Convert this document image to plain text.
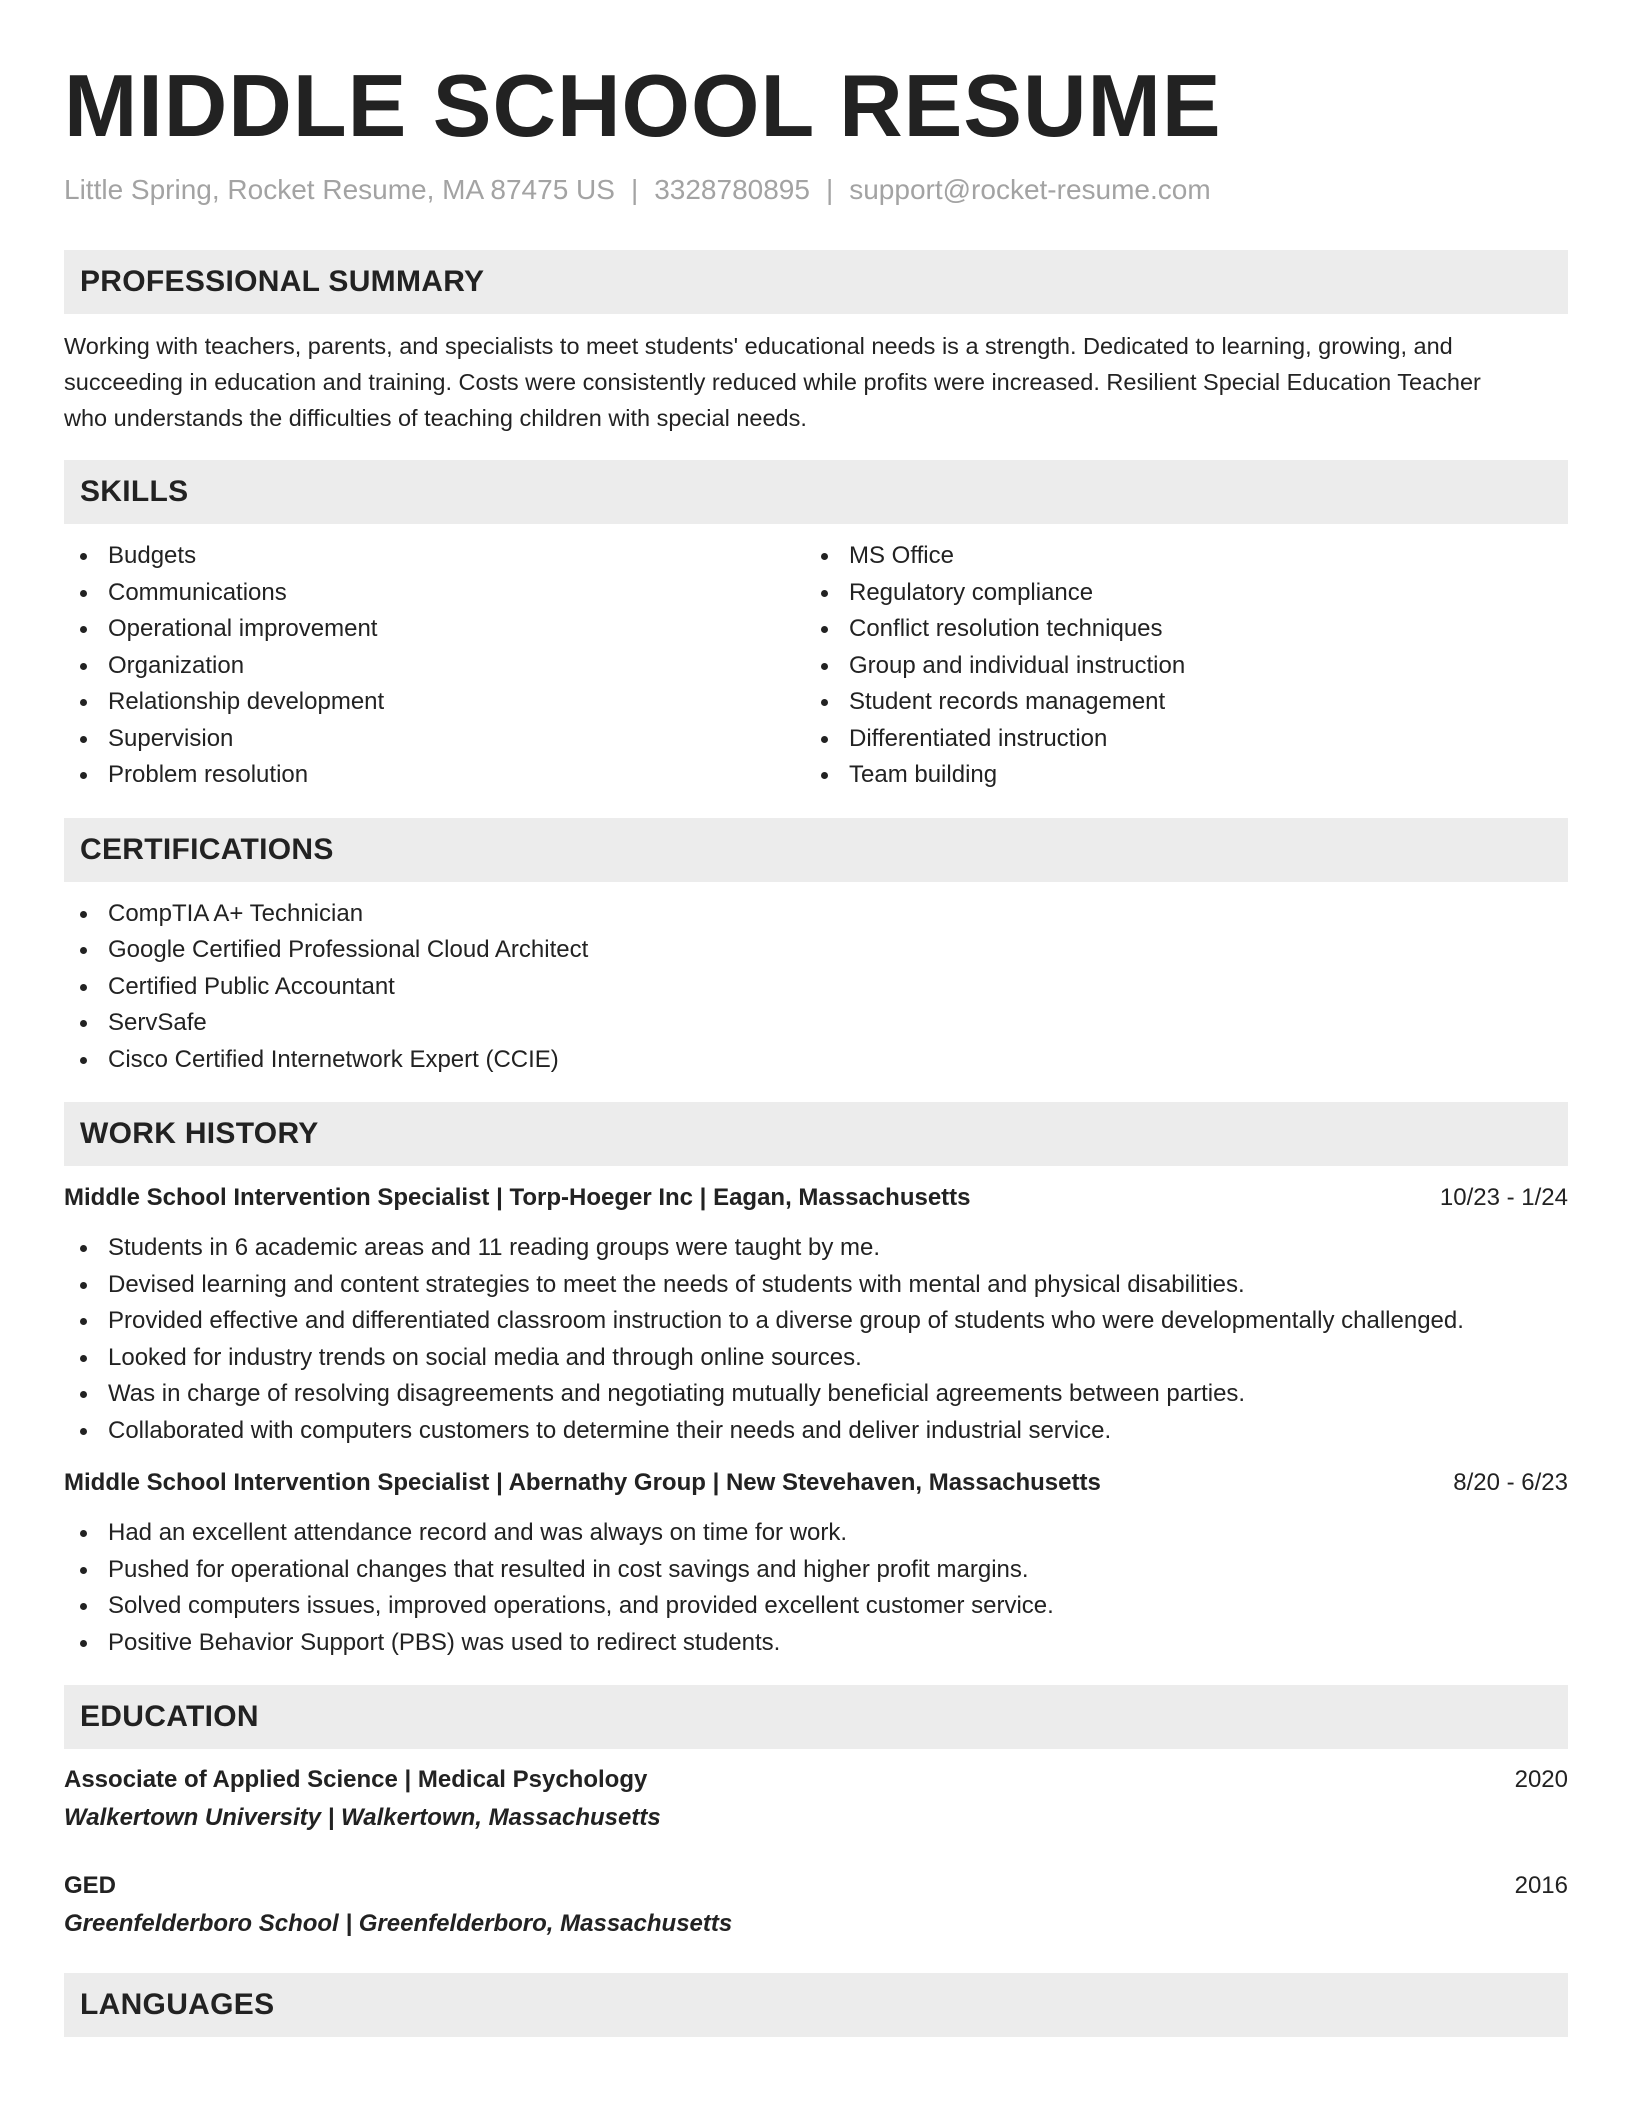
MIDDLE SCHOOL RESUME
Little Spring, Rocket Resume, MA 87475 US | 3328780895 | support@rocket-resume.com
PROFESSIONAL SUMMARY
Working with teachers, parents, and specialists to meet students' educational needs is a strength. Dedicated to learning, growing, and
succeeding in education and training. Costs were consistently reduced while profits were increased. Resilient Special Education Teacher
who understands the difficulties of teaching children with special needs.
SKILLS
Budgets
Communications
Operational improvement
Organization
Relationship development
Supervision
Problem resolution
MS Office
Regulatory compliance
Conflict resolution techniques
Group and individual instruction
Student records management
Differentiated instruction
Team building
CERTIFICATIONS
CompTIA A+ Technician
Google Certified Professional Cloud Architect
Certified Public Accountant
ServSafe
Cisco Certified Internetwork Expert (CCIE)
WORK HISTORY
Middle School Intervention Specialist | Torp-Hoeger Inc | Eagan, Massachusetts	10/23 - 1/24
Students in 6 academic areas and 11 reading groups were taught by me.
Devised learning and content strategies to meet the needs of students with mental and physical disabilities.
Provided effective and differentiated classroom instruction to a diverse group of students who were developmentally challenged.
Looked for industry trends on social media and through online sources.
Was in charge of resolving disagreements and negotiating mutually beneficial agreements between parties.
Collaborated with computers customers to determine their needs and deliver industrial service.
Middle School Intervention Specialist | Abernathy Group | New Stevehaven, Massachusetts	8/20 - 6/23
Had an excellent attendance record and was always on time for work.
Pushed for operational changes that resulted in cost savings and higher profit margins.
Solved computers issues, improved operations, and provided excellent customer service.
Positive Behavior Support (PBS) was used to redirect students.
EDUCATION
Associate of Applied Science | Medical Psychology	2020
Walkertown University | Walkertown, Massachusetts
GED	2016
Greenfelderboro School | Greenfelderboro, Massachusetts
LANGUAGES
